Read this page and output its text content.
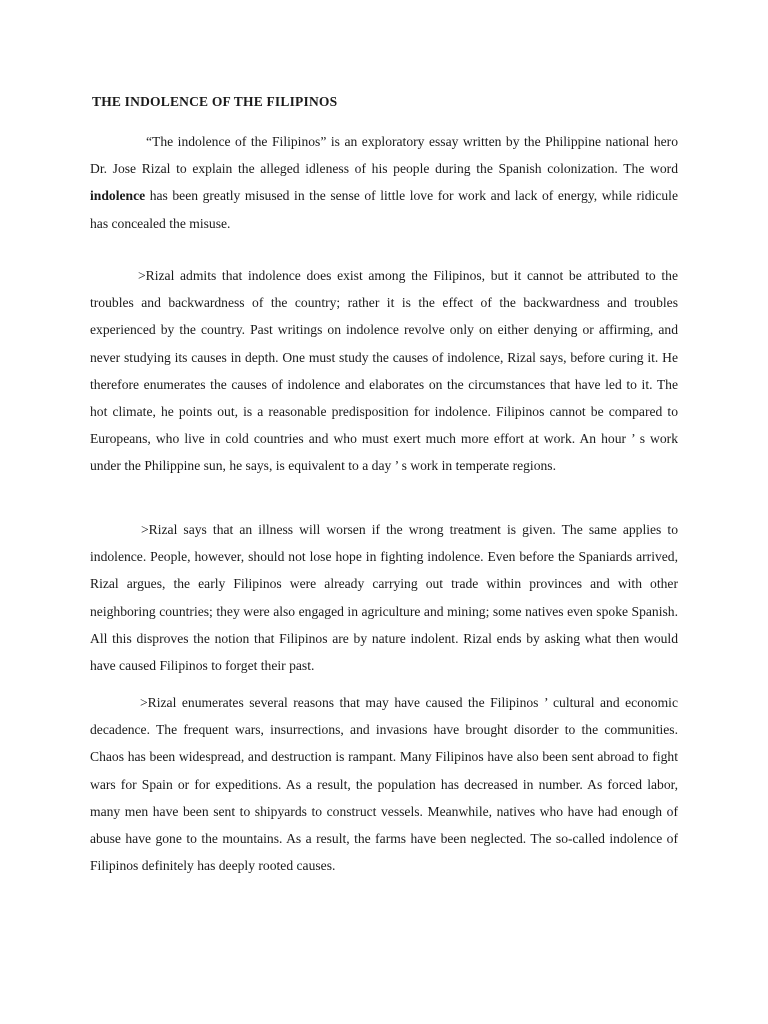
THE INDOLENCE OF THE FILIPINOS

“The indolence of the Filipinos” is an exploratory essay written by the Philippine national hero Dr. Jose Rizal to explain the alleged idleness of his people during the Spanish colonization. The word indolence has been greatly misused in the sense of little love for work and lack of energy, while ridicule has concealed the misuse.

>Rizal admits that indolence does exist among the Filipinos, but it cannot be attributed to the troubles and backwardness of the country; rather it is the effect of the backwardness and troubles experienced by the country. Past writings on indolence revolve only on either denying or affirming, and never studying its causes in depth. One must study the causes of indolence, Rizal says, before curing it. He therefore enumerates the causes of indolence and elaborates on the circumstances that have led to it. The hot climate, he points out, is a reasonable predisposition for indolence. Filipinos cannot be compared to Europeans, who live in cold countries and who must exert much more effort at work. An hour ’ s work under the Philippine sun, he says, is equivalent to a day ’ s work in temperate regions.

>Rizal says that an illness will worsen if the wrong treatment is given. The same applies to indolence. People, however, should not lose hope in fighting indolence. Even before the Spaniards arrived, Rizal argues, the early Filipinos were already carrying out trade within provinces and with other neighboring countries; they were also engaged in agriculture and mining; some natives even spoke Spanish. All this disproves the notion that Filipinos are by nature indolent. Rizal ends by asking what then would have caused Filipinos to forget their past.

>Rizal enumerates several reasons that may have caused the Filipinos ’ cultural and economic decadence. The frequent wars, insurrections, and invasions have brought disorder to the communities. Chaos has been widespread, and destruction is rampant. Many Filipinos have also been sent abroad to fight wars for Spain or for expeditions. As a result, the population has decreased in number. As forced labor, many men have been sent to shipyards to construct vessels. Meanwhile, natives who have had enough of abuse have gone to the mountains. As a result, the farms have been neglected. The so-called indolence of Filipinos definitely has deeply rooted causes.
